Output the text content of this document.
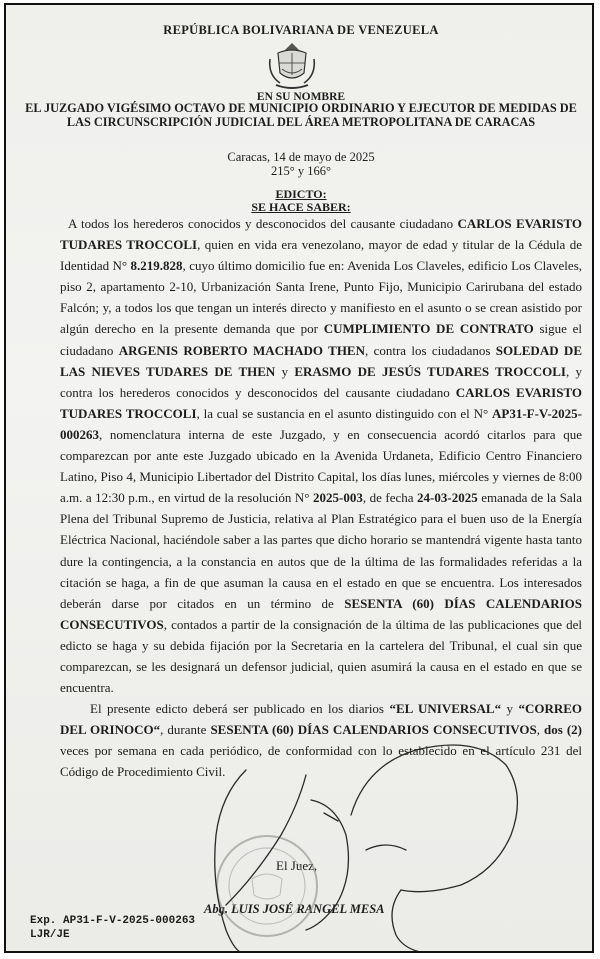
REPÚBLICA BOLIVARIANA DE VENEZUELA
EN SU NOMBRE
EL JUZGADO VIGÉSIMO OCTAVO DE MUNICIPIO ORDINARIO Y EJECUTOR DE MEDIDAS DE LAS CIRCUNSCRIPCIÓN JUDICIAL DEL ÁREA METROPOLITANA DE CARACAS
Caracas, 14 de mayo de 2025
215° y 166°
EDICTO:
SE HACE SABER:

A todos los herederos conocidos y desconocidos del causante ciudadano CARLOS EVARISTO TUDARES TROCCOLI, quien en vida era venezolano, mayor de edad y titular de la Cédula de Identidad N° 8.219.828, cuyo último domicilio fue en: Avenida Los Claveles, edificio Los Claveles, piso 2, apartamento 2-10, Urbanización Santa Irene, Punto Fijo, Municipio Carirubana del estado Falcón; y, a todos los que tengan un interés directo y manifiesto en el asunto o se crean asistido por algún derecho en la presente demanda que por CUMPLIMIENTO DE CONTRATO sigue el ciudadano ARGENIS ROBERTO MACHADO THEN, contra los ciudadanos SOLEDAD DE LAS NIEVES TUDARES DE THEN y ERASMO DE JESÚS TUDARES TROCCOLI, y contra los herederos conocidos y desconocidos del causante ciudadano CARLOS EVARISTO TUDARES TROCCOLI, la cual se sustancia en el asunto distinguido con el N° AP31-F-V-2025-000263, nomenclatura interna de este Juzgado, y en consecuencia acordó citarlos para que comparezcan por ante este Juzgado ubicado en la Avenida Urdaneta, Edificio Centro Financiero Latino, Piso 4, Municipio Libertador del Distrito Capital, los días lunes, miércoles y viernes de 8:00 a.m. a 12:30 p.m., en virtud de la resolución N° 2025-003, de fecha 24-03-2025 emanada de la Sala Plena del Tribunal Supremo de Justicia, relativa al Plan Estratégico para el buen uso de la Energía Eléctrica Nacional, haciéndole saber a las partes que dicho horario se mantendrá vigente hasta tanto dure la contingencia, a la constancia en autos que de la última de las formalidades referidas a la citación se haga, a fin de que asuman la causa en el estado en que se encuentra. Los interesados deberán darse por citados en un término de SESENTA (60) DÍAS CALENDARIOS CONSECUTIVOS, contados a partir de la consignación de la última de las publicaciones que del edicto se haga y su debida fijación por la Secretaria en la cartelera del Tribunal, el cual sin que comparezcan, se les designará un defensor judicial, quien asumirá la causa en el estado en que se encuentra.

El presente edicto deberá ser publicado en los diarios “EL UNIVERSAL“ y “CORREO DEL ORINOCO“, durante SESENTA (60) DÍAS CALENDARIOS CONSECUTIVOS, dos (2) veces por semana en cada periódico, de conformidad con lo establecido en el artículo 231 del Código de Procedimiento Civil.

El Juez,
Abg. LUIS JOSÉ RANGEL MESA
Exp. AP31-F-V-2025-000263
LJR/JE
